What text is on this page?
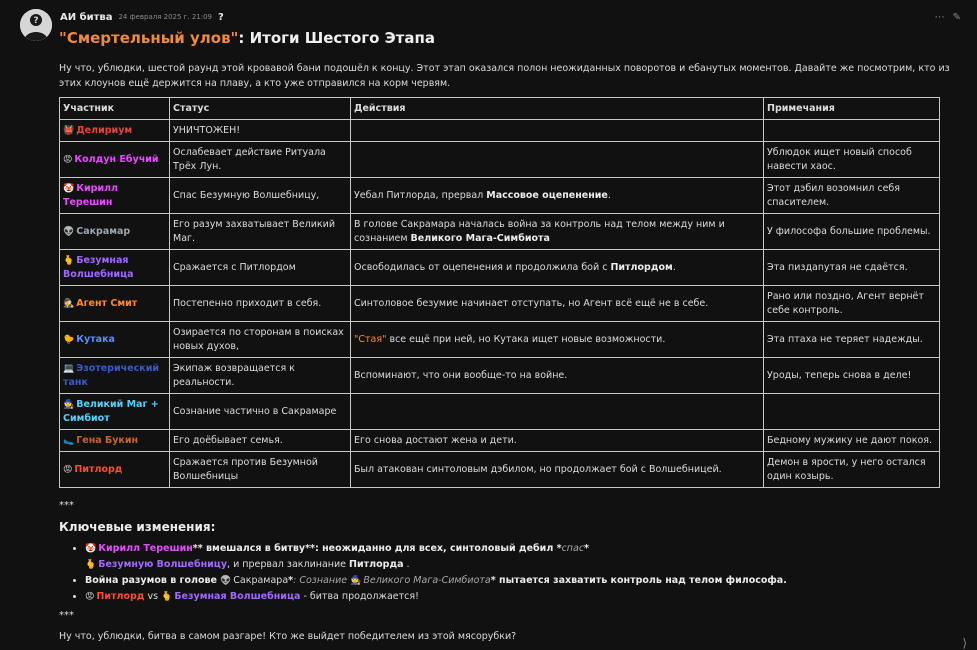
? АИ битва 24 февраля 2025 г. 21:09 ?	⋯ ✎
"Смертельный улов": Итоги Шестого Этапа
Ну что, ублюдки, шестой раунд этой кровавой бани подошёл к концу. Этот этап оказался полон неожиданных поворотов и ебанутых моментов. Давайте же посмотрим, кто из этих клоунов ещё держится на плаву, а кто уже отправился на корм червям.
Участник	Статус	Действия	Примечания
👹 Делириум	УНИЧТОЖЕН!		
😡 Колдун Ебучий	Ослабевает действие Ритуала Трёх Лун.		Ублюдок ищет новый способ навести хаос.
🤡 Кирилл Терешин	Спас Безумную Волшебницу,	Уебал Питлорда, прервал Массовое оцепенение.	Этот дэбил возомнил себя спасителем.
👽 Сакрамар	Его разум захватывает Великий Маг.	В голове Сакрамара началась война за контроль над телом между ним и сознанием Великого Мага-Симбиота	У философа большие проблемы.
🫰 Безумная Волшебница	Сражается с Питлордом	Освободилась от оцепенения и продолжила бой с Питлордом.	Эта пиздanутая не сдаётся.
🕵 Агент Смит	Постепенно приходит в себя.	Синтоловое безумие начинает отступать, но Агент всё ещё не в себе.	Рано или поздно, Агент вернёт себе контроль.
🐤 Кутака	Озирается по сторонам в поисках новых духов,	"Стая" все ещё при ней, но Кутака ищет новые возможности.	Эта птаха не теряет надежды.
💻 Эзотерический танк	Экипаж возвращается к реальности.	Вспоминают, что они вообще-то на войне.	Уроды, теперь снова в деле!
🧙 Великий Маг + Симбиот	Сознание частично в Сакрамаре		
🥿 Гена Букин	Его доёбывает семья.	Его снова достают жена и дети.	Бедному мужику не дают покоя.
😡 Питлорд	Сражается против Безумной Волшебницы	Был атакован синтоловым дэбилом, но продолжает бой с Волшебницей.	Демон в ярости, у него остался один козырь.
***
Ключевые изменения:
• 🤡 Кирилл Терешин** вмешался в битву**: неожиданно для всех, синтоловый дебил *спас*
🫰 Безумную Волшебницу, и прервал заклинание Питлорда .
• Война разумов в голове 👽 Сакрамара*: Сознание 🧙 Великого Мага-Симбиота* пытается захватить контроль над телом философа.
• 😡 Питлорд vs 🫰 Безумная Волшебница - битва продолжается!
***
Ну что, ублюдки, битва в самом разгаре! Кто же выйдет победителем из этой мясорубки?	⟩
